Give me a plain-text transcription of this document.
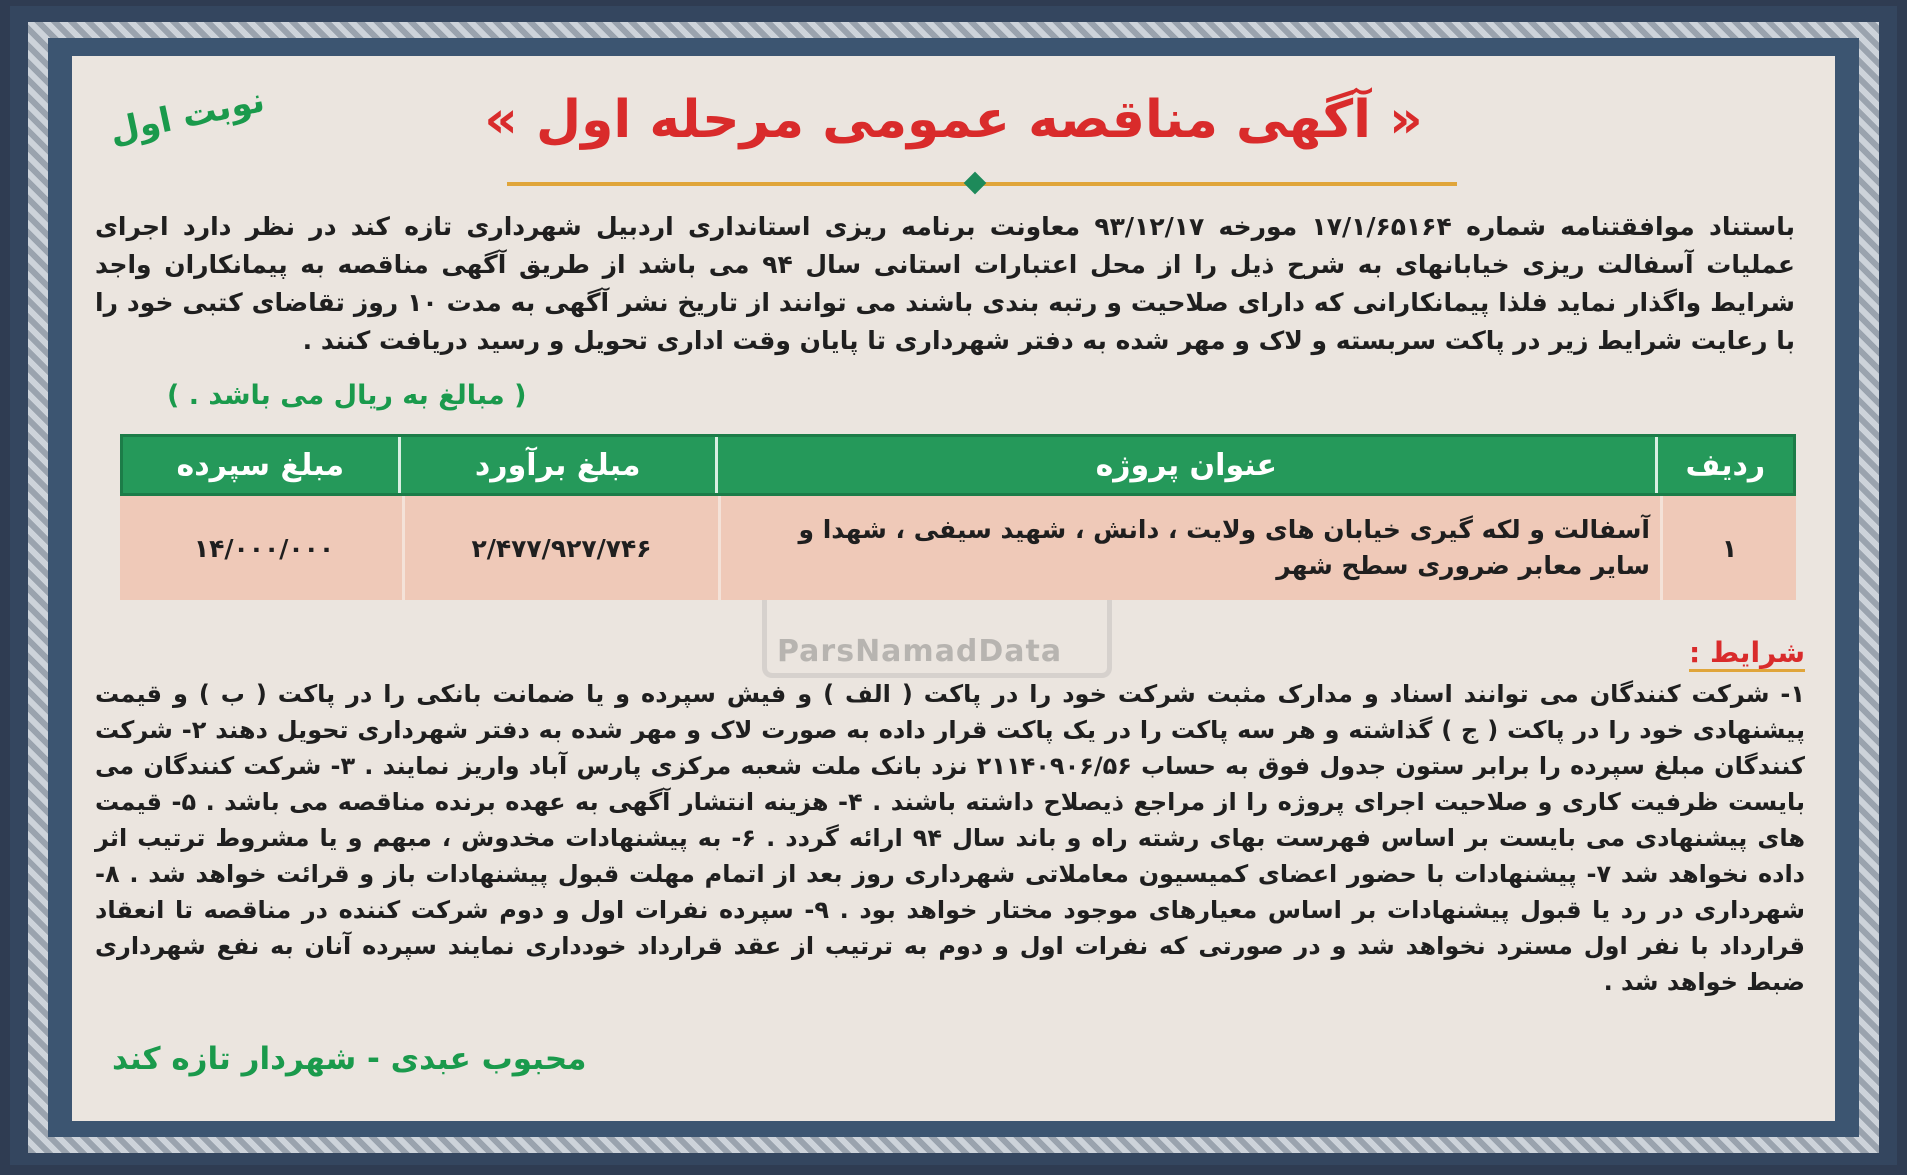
نوبت اول	« آگهی مناقصه عمومی مرحله اول »
باستناد موافقتنامه شماره ۱۷/۱/۶۵۱۶۴ مورخه ۹۳/۱۲/۱۷ معاونت برنامه ریزی استانداری اردبیل شهرداری تازه کند در نظر دارد اجرای عملیات آسفالت ریزی خیابانهای به شرح ذیل را از محل اعتبارات استانی سال ۹۴ می باشد از طریق آگهی مناقصه به پیمانکاران واجد شرایط واگذار نماید فلذا پیمانکارانی که دارای صلاحیت و رتبه بندی باشند می توانند از تاریخ نشر آگهی به مدت ۱۰ روز تقاضای کتبی خود را با رعایت شرایط زیر در پاکت سربسته و لاک و مهر شده به دفتر شهرداری تا پایان وقت اداری تحویل و رسید دریافت کنند .
( مبالغ به ریال می باشد . )
ردیف
عنوان پروژه
مبلغ برآورد
مبلغ سپرده
۱
آسفالت و لکه گیری خیابان های ولایت ، دانش ، شهید سیفی ، شهدا و سایر معابر ضروری سطح شهر
۲/۴۷۷/۹۲۷/۷۴۶
۱۴/۰۰۰/۰۰۰
ParsNamadData	شرایط :
۱- شرکت کنندگان می توانند اسناد و مدارک مثبت شرکت خود را در پاکت ( الف ) و فیش سپرده و یا ضمانت بانکی را در پاکت ( ب ) و قیمت پیشنهادی خود را در پاکت ( ج ) گذاشته و هر سه پاکت را در یک پاکت قرار داده به صورت لاک و مهر شده به دفتر شهرداری تحویل دهند ۲- شرکت کنندگان مبلغ سپرده را برابر ستون جدول فوق به حساب ۲۱۱۴۰۹۰۶/۵۶ نزد بانک ملت شعبه مرکزی پارس آباد واریز نمایند . ۳- شرکت کنندگان می بایست ظرفیت کاری و صلاحیت اجرای پروژه را از مراجع ذیصلاح داشته باشند . ۴- هزینه انتشار آگهی به عهده برنده مناقصه می باشد . ۵- قیمت های پیشنهادی می بایست بر اساس فهرست بهای رشته راه و باند سال ۹۴ ارائه گردد . ۶- به پیشنهادات مخدوش ، مبهم و یا مشروط ترتیب اثر داده نخواهد شد ۷- پیشنهادات با حضور اعضای کمیسیون معاملاتی شهرداری روز بعد از اتمام مهلت قبول پیشنهادات باز و قرائت خواهد شد . ۸- شهرداری در رد یا قبول پیشنهادات بر اساس معیارهای موجود مختار خواهد بود . ۹- سپرده نفرات اول و دوم شرکت کننده در مناقصه تا انعقاد قرارداد با نفر اول مسترد نخواهد شد و در صورتی که نفرات اول و دوم به ترتیب از عقد قرارداد خودداری نمایند سپرده آنان به نفع شهرداری ضبط خواهد شد .
محبوب عبدی - شهردار تازه کند
